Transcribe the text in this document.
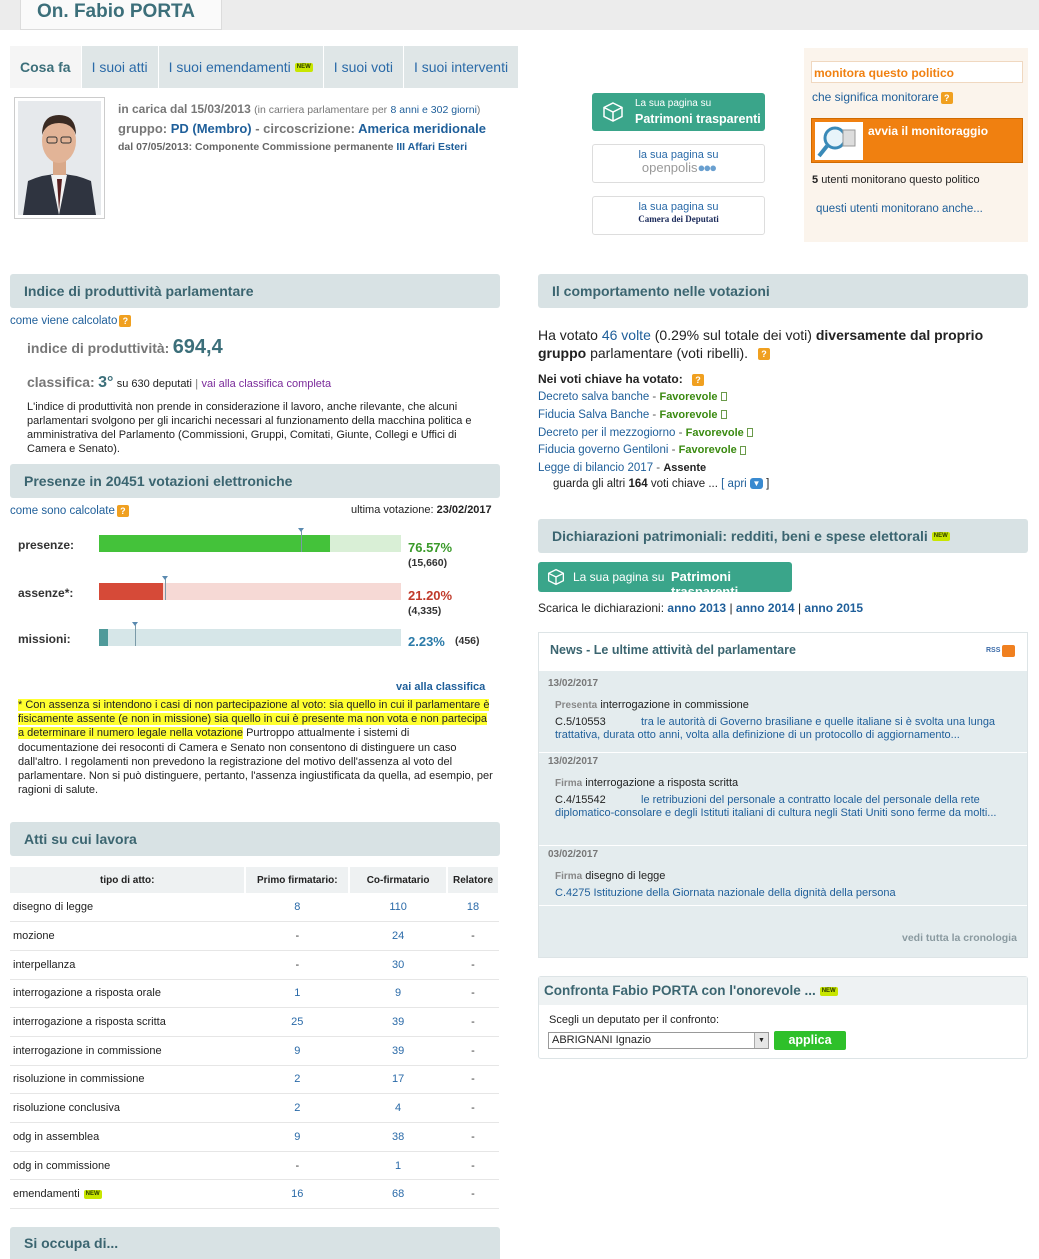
On. Fabio PORTA
Cosa fa I suoi atti I suoi emendamenti	NEW I suoi voti I suoi interventi
in carica dal 15/03/2013 (in carriera parlamentare per 8 anni e 302 giorni)
gruppo: PD (Membro) - circoscrizione: America meridionale
dal 07/05/2013: Componente Commissione permanente III Affari Esteri
La sua pagina su
Patrimoni trasparenti
la sua pagina su
openpolis●●●
la sua pagina su
Camera dei Deputati
monitora questo politico
che significa monitorare ?
avvia il monitoraggio
5 utenti monitorano questo politico
questi utenti monitorano anche...
Indice di produttività parlamentare
come viene calcolato ?
indice di produttività: 694,4
classifica: 3° su 630 deputati | vai alla classifica completa
L'indice di produttività non prende in considerazione il lavoro, anche rilevante, che alcuni parlamentari svolgono per gli incarichi necessari al funzionamento della macchina politica e amministrativa del Parlamento (Commissioni, Gruppi, Comitati, Giunte, Collegi e Uffici di Camera e Senato).
Presenze in 20451 votazioni elettroniche
come sono calcolate ?	ultima votazione: 23/02/2017
presenze:	76.57%
(15,660)
assenze*:	21.20%
(4,335)
missioni:	2.23% (456)
vai alla classifica
* Con assenza si intendono i casi di non partecipazione al voto: sia quello in cui il parlamentare è fisicamente assente (e non in missione) sia quello in cui è presente ma non vota e non partecipa a determinare il numero legale nella votazione Purtroppo attualmente i sistemi di documentazione dei resoconti di Camera e Senato non consentono di distinguere un caso dall'altro. I regolamenti non prevedono la registrazione del motivo dell'assenza al voto del parlamentare. Non si può distinguere, pertanto, l'assenza ingiustificata da quella, ad esempio, per ragioni di salute.
Atti su cui lavora
tipo di atto:	Primo firmatario:	Co-firmatario	Relatore
disegno di legge	8	110	18
mozione	-	24	-
interpellanza	-	30	-
interrogazione a risposta orale	1	9	-
interrogazione a risposta scritta	25	39	-
interrogazione in commissione	9	39	-
risoluzione in commissione	2	17	-
risoluzione conclusiva	2	4	-
odg in assemblea	9	38	-
odg in commissione	-	1	-
emendamenti NEW	16	68	-
Si occupa di...
Il comportamento nelle votazioni
Ha votato 46 volte (0.29% sul totale dei voti) diversamente dal proprio
gruppo parlamentare (voti ribelli). ?
Nei voti chiave ha votato: ?
Decreto salva banche - Favorevole
Fiducia Salva Banche - Favorevole
Decreto per il mezzogiorno - Favorevole
Fiducia governo Gentiloni - Favorevole
Legge di bilancio 2017 - Assente
guarda gli altri 164 voti chiave ... [ apri ▼ ]
Dichiarazioni patrimoniali: redditi, beni e spese elettorali	NEW
La sua pagina su Patrimoni trasparenti
Scarica le dichiarazioni: anno 2013 | anno 2014 | anno 2015
News - Le ultime attività del parlamentare	RSS
13/02/2017
Presenta interrogazione in commissione
C.5/10553	tra le autorità di Governo brasiliane e quelle italiane si è svolta una lunga trattativa, durata otto anni, volta alla definizione di un protocollo di aggiornamento...
13/02/2017
Firma interrogazione a risposta scritta
C.4/15542	le retribuzioni del personale a contratto locale del personale della rete diplomatico-consolare e degli Istituti italiani di cultura negli Stati Uniti sono ferme da molti...
03/02/2017
Firma disegno di legge
C.4275 Istituzione della Giornata nazionale della dignità della persona
vedi tutta la cronologia
Confronta Fabio PORTA con l'onorevole ... NEW
Scegli un deputato per il confronto:
ABRIGNANI Ignazio	▼	applica
